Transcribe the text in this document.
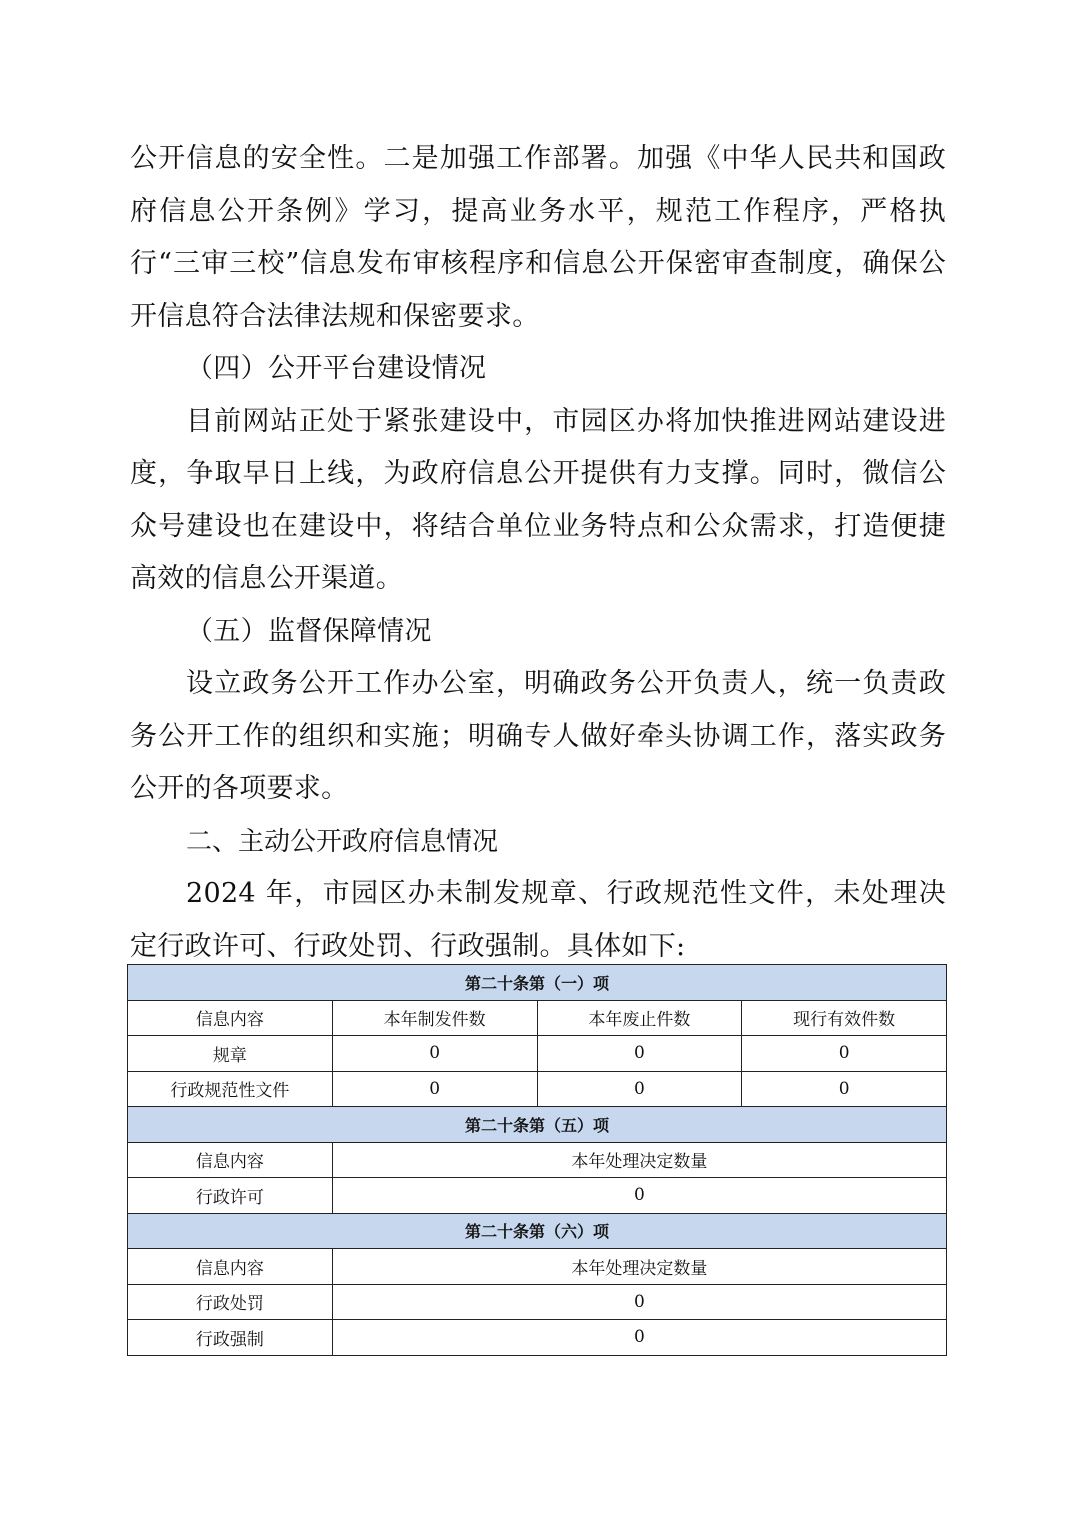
公开信息的安全性。二是加强工作部署。加强《中华人民共和国政府信息公开条例》学习，提高业务水平，规范工作程序，严格执行“三审三校”信息发布审核程序和信息公开保密审查制度，确保公开信息符合法律法规和保密要求。

（四）公开平台建设情况

目前网站正处于紧张建设中，市园区办将加快推进网站建设进度，争取早日上线，为政府信息公开提供有力支撑。同时，微信公众号建设也在建设中，将结合单位业务特点和公众需求，打造便捷高效的信息公开渠道。

（五）监督保障情况

设立政务公开工作办公室，明确政务公开负责人，统一负责政务公开工作的组织和实施；明确专人做好牵头协调工作，落实政务公开的各项要求。

二、主动公开政府信息情况

2024 年，市园区办未制发规章、行政规范性文件，未处理决定行政许可、行政处罚、行政强制。具体如下:

第二十条第（一）项			
信息内容	本年制发件数	本年废止件数	现行有效件数
规章	0	0	0
行政规范性文件	0	0	0
第二十条第（五）项			
信息内容	本年处理决定数量		
行政许可	0		
第二十条第（六）项			
信息内容	本年处理决定数量		
行政处罚	0		
行政强制	0		
